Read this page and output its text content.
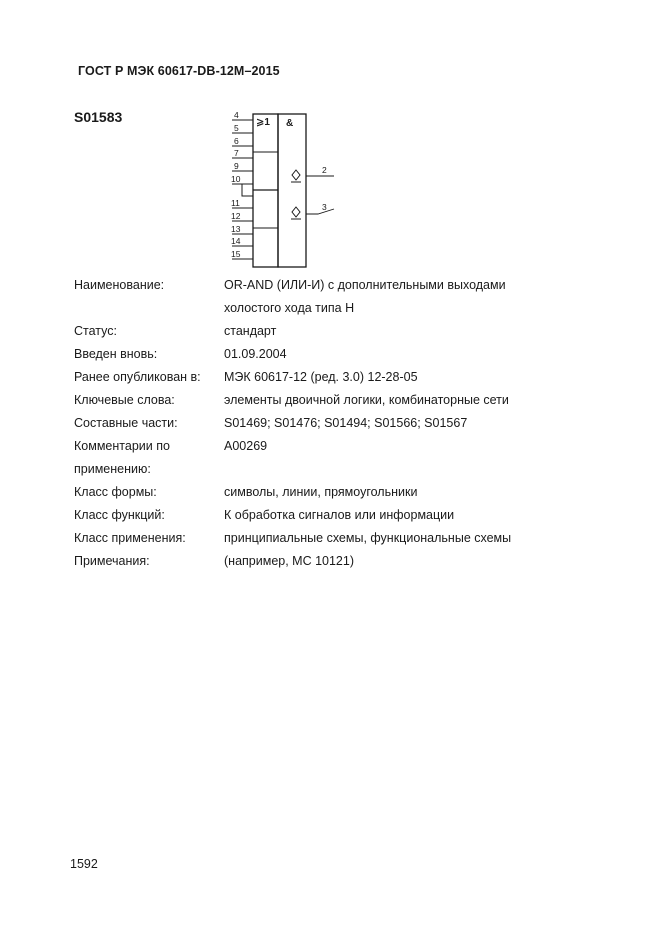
ГОСТ Р МЭК 60617-DB-12М–2015
S01583	4
5
6
7
9
10
11
12
13
14
15
⩾1 &
2
3
Наименование:	OR-AND (ИЛИ-И) с дополнительными выходами
холостого хода типа Н
Статус:	стандарт
Введен вновь:	01.09.2004
Ранее опубликован в:	МЭК 60617-12 (ред. 3.0) 12-28-05
Ключевые слова:	элементы двоичной логики, комбинаторные сети
Составные части:	S01469; S01476; S01494; S01566; S01567
Комментарии по	A00269
применению:
Класс формы:	символы, линии, прямоугольники
Класс функций:	К обработка сигналов или информации
Класс применения:	принципиальные схемы, функциональные схемы
Примечания:	(например, МС 10121)
1592
